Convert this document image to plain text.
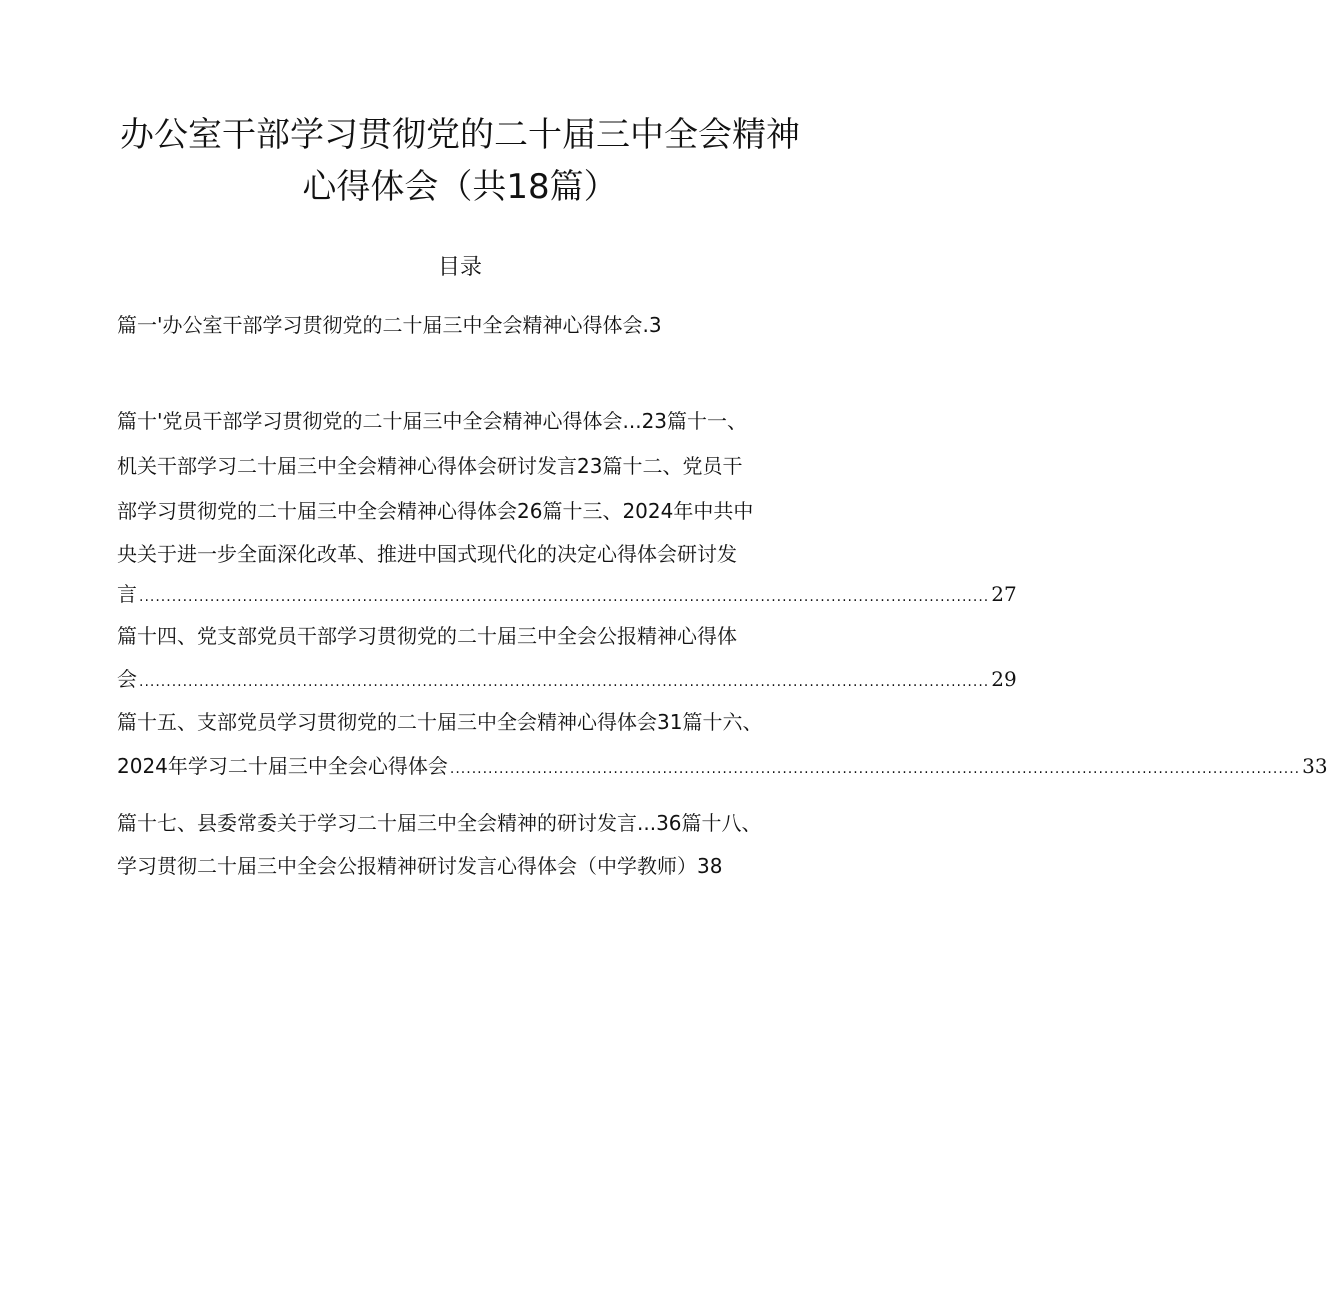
办公室干部学习贯彻党的二十届三中全会精神
心得体会（共18篇）
目录
篇一'办公室干部学习贯彻党的二十届三中全会精神心得体会.3
篇十'党员干部学习贯彻党的二十届三中全会精神心得体会...23篇十一、
机关干部学习二十届三中全会精神心得体会研讨发言23篇十二、党员干
部学习贯彻党的二十届三中全会精神心得体会26篇十三、2024年中共中
央关于进一步全面深化改革、推进中国式现代化的决定心得体会研讨发
言 ............................................................................................................................................................ 27
篇十四、党支部党员干部学习贯彻党的二十届三中全会公报精神心得体
会 ............................................................................................................................................................ 29
篇十五、支部党员学习贯彻党的二十届三中全会精神心得体会31篇十六、
2024年学习二十届三中全会心得体会 ............................................................................................................................................................ 33
篇十七、县委常委关于学习二十届三中全会精神的研讨发言...36篇十八、
学习贯彻二十届三中全会公报精神研讨发言心得体会（中学教师）38
